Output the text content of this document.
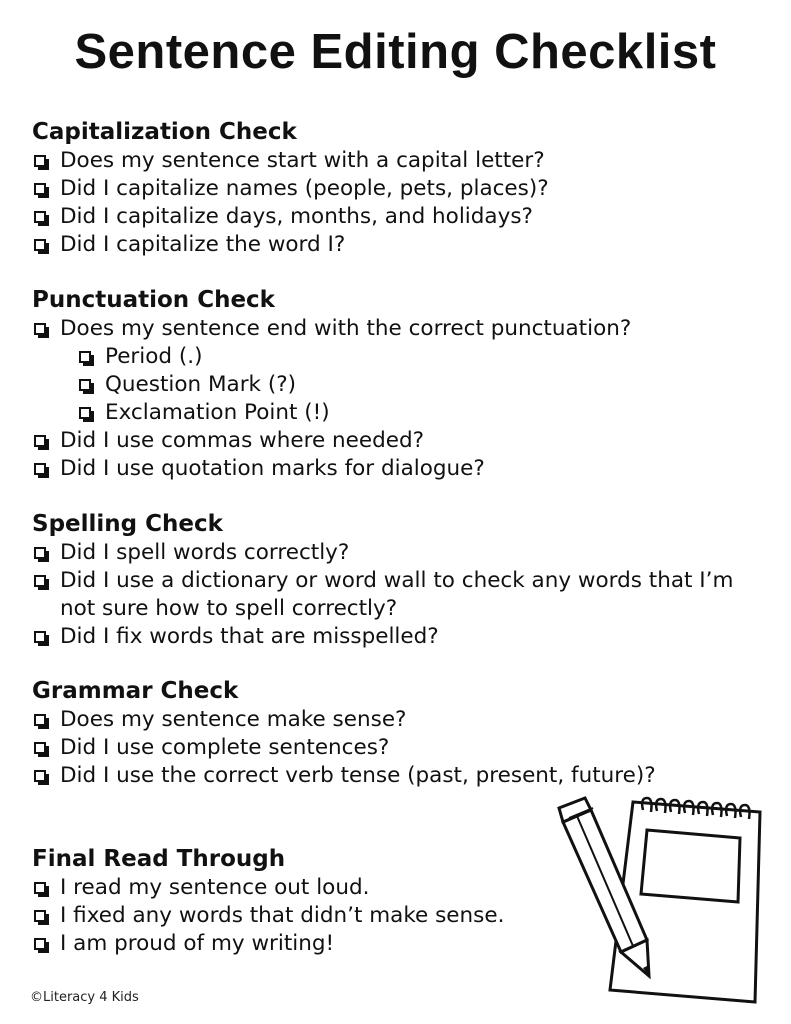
Sentence Editing Checklist
Capitalization Check
Does my sentence start with a capital letter?
Did I capitalize names (people, pets, places)?
Did I capitalize days, months, and holidays?
Did I capitalize the word I?
Punctuation Check
Does my sentence end with the correct punctuation?
Period (.)
Question Mark (?)
Exclamation Point (!)
Did I use commas where needed?
Did I use quotation marks for dialogue?
Spelling Check
Did I spell words correctly?
Did I use a dictionary or word wall to check any words that I’m not sure how to spell correctly?
Did I fix words that are misspelled?
Grammar Check
Does my sentence make sense?
Did I use complete sentences?
Did I use the correct verb tense (past, present, future)?
Final Read Through
I read my sentence out loud.
I fixed any words that didn’t make sense.
I am proud of my writing!
©Literacy 4 Kids
